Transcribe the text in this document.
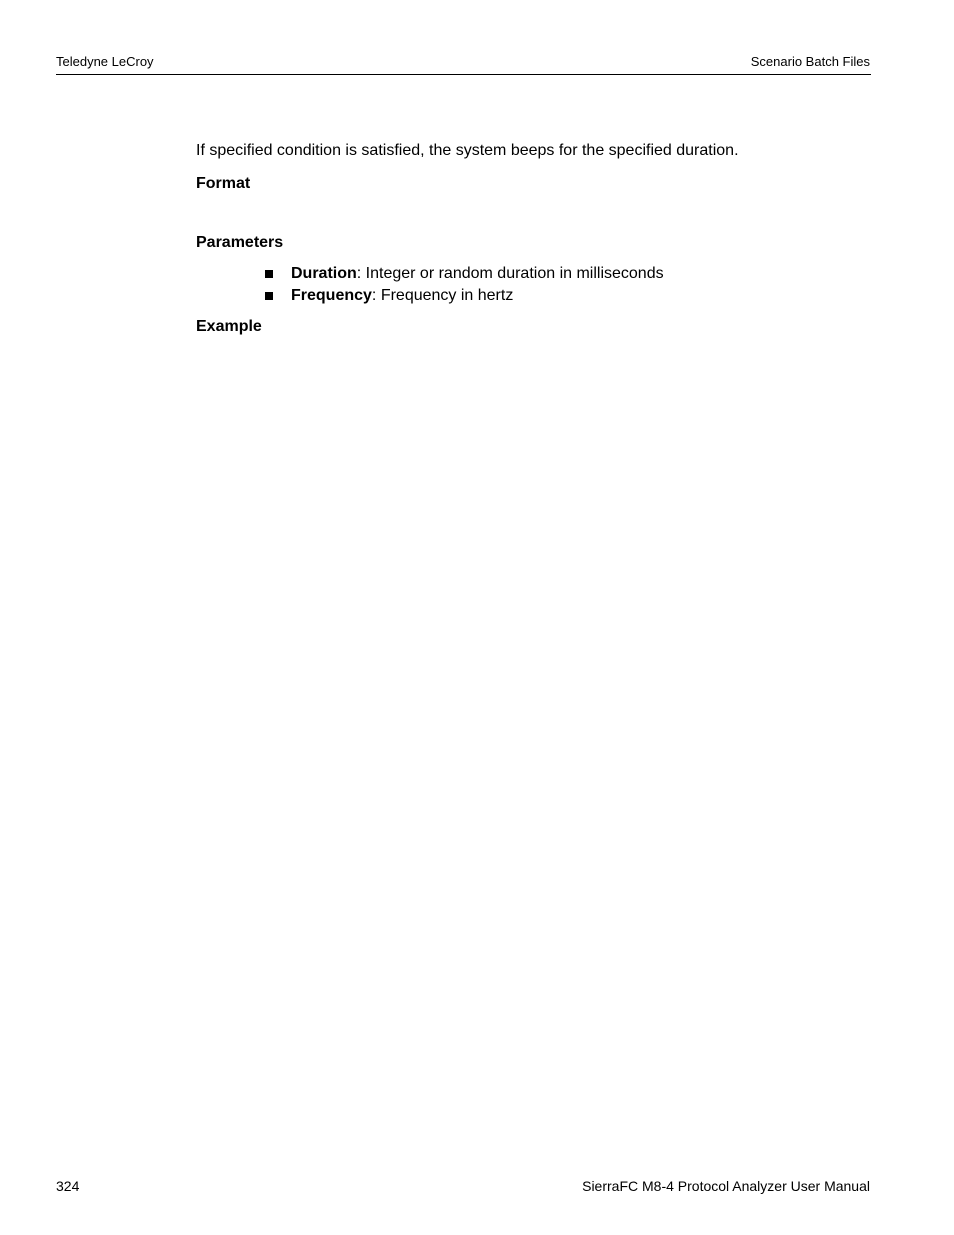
Teledyne LeCroy	Scenario Batch Files

If specified condition is satisfied, the system beeps for the specified duration.

Format

Parameters

Duration: Integer or random duration in milliseconds
Frequency: Frequency in hertz

Example

324	SierraFC M8-4 Protocol Analyzer User Manual
